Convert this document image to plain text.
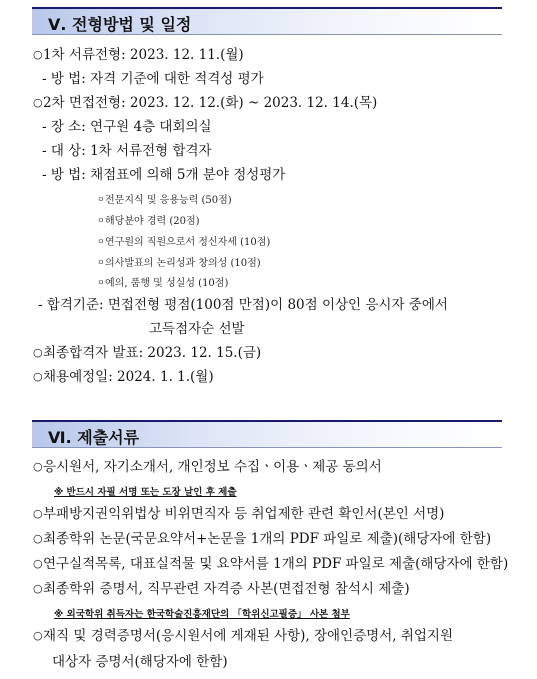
Ⅴ. 전형방법 및 일정
○1차 서류전형: 2023. 12. 11.(월)
- 방 법: 자격 기준에 대한 적격성 평가
○2차 면접전형: 2023. 12. 12.(화) ~ 2023. 12. 14.(목)
- 장 소: 연구원 4층 대회의실
- 대 상: 1차 서류전형 합격자
- 방 법: 채점표에 의해 5개 분야 정성평가
ㅇ전문지식 및 응용능력 (50점)
ㅇ해당분야 경력 (20점)
ㅇ연구원의 직원으로서 정신자세 (10점)
ㅇ의사발표의 논리성과 창의성 (10점)
ㅇ예의, 품행 및 성실성 (10점)
- 합격기준: 면접전형 평점(100점 만점)이 80점 이상인 응시자 중에서
고득점자순 선발
○최종합격자 발표: 2023. 12. 15.(금)
○채용예정일: 2024. 1. 1.(월)
Ⅵ. 제출서류
○응시원서, 자기소개서, 개인정보 수집ㆍ이용ㆍ제공 동의서
※ 반드시 자필 서명 또는 도장 날인 후 제출
○부패방지권익위법상 비위면직자 등 취업제한 관련 확인서(본인 서명)
○최종학위 논문(국문요약서+논문을 1개의 PDF 파일로 제출)(해당자에 한함)
○연구실적목록, 대표실적물 및 요약서를 1개의 PDF 파일로 제출(해당자에 한함)
○최종학위 증명서, 직무관련 자격증 사본(면접전형 참석시 제출)
※ 외국학위 취득자는 한국학술진흥재단의 「학위신고필증」 사본 첨부
○재직 및 경력증명서(응시원서에 게재된 사항), 장애인증명서, 취업지원
대상자 증명서(해당자에 한함)
